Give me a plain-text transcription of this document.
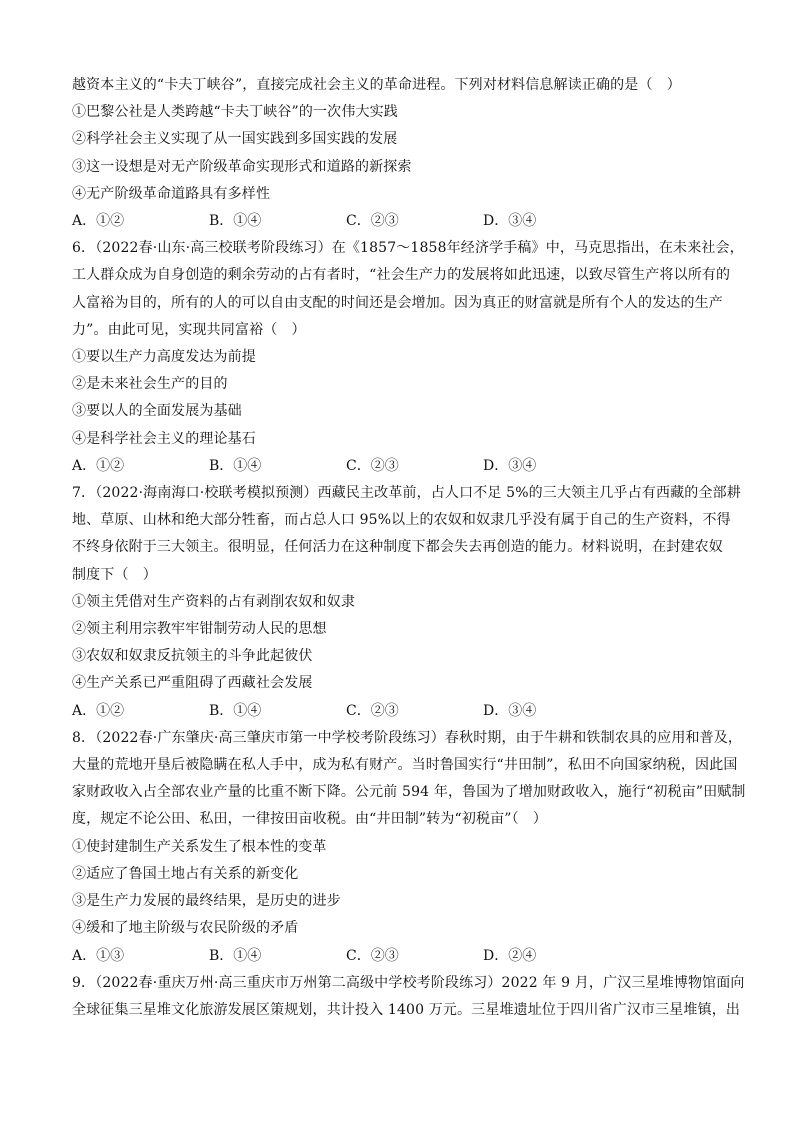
越资本主义的“卡夫丁峡谷”，直接完成社会主义的革命进程。下列对材料信息解读正确的是（　）
①巴黎公社是人类跨越“卡夫丁峡谷”的一次伟大实践
②科学社会主义实现了从一国实践到多国实践的发展
③这一设想是对无产阶级革命实现形式和道路的新探索
④无产阶级革命道路具有多样性
A．①②	B．①④	C．②③	D．③④
6．（2022春·山东·高三校联考阶段练习）在《1857～1858年经济学手稿》中，马克思指出，在未来社会，
工人群众成为自身创造的剩余劳动的占有者时，“社会生产力的发展将如此迅速，以致尽管生产将以所有的
人富裕为目的，所有的人的可以自由支配的时间还是会增加。因为真正的财富就是所有个人的发达的生产
力”。由此可见，实现共同富裕（　）
①要以生产力高度发达为前提
②是未来社会生产的目的
③要以人的全面发展为基础
④是科学社会主义的理论基石
A．①②	B．①④	C．②③	D．③④
7．（2022·海南海口·校联考模拟预测）西藏民主改革前，占人口不足 5%的三大领主几乎占有西藏的全部耕
地、草原、山林和绝大部分牲畜，而占总人口 95%以上的农奴和奴隶几乎没有属于自己的生产资料，不得
不终身依附于三大领主。很明显，任何活力在这种制度下都会失去再创造的能力。材料说明，在封建农奴
制度下（　）
①领主凭借对生产资料的占有剥削农奴和奴隶
②领主利用宗教牢牢钳制劳动人民的思想
③农奴和奴隶反抗领主的斗争此起彼伏
④生产关系已严重阻碍了西藏社会发展
A．①②	B．①④	C．②③	D．③④
8．（2022春·广东肇庆·高三肇庆市第一中学校考阶段练习）春秋时期，由于牛耕和铁制农具的应用和普及，
大量的荒地开垦后被隐瞒在私人手中，成为私有财产。当时鲁国实行“井田制”，私田不向国家纳税，因此国
家财政收入占全部农业产量的比重不断下降。公元前 594 年，鲁国为了增加财政收入，施行“初税亩”田赋制
度，规定不论公田、私田，一律按田亩收税。由“井田制”转为“初税亩”（　）
①使封建制生产关系发生了根本性的变革
②适应了鲁国土地占有关系的新变化
③是生产力发展的最终结果，是历史的进步
④缓和了地主阶级与农民阶级的矛盾
A．①③	B．①④	C．②③	D．②④
9．（2022春·重庆万州·高三重庆市万州第二高级中学校考阶段练习）2022 年 9 月，广汉三星堆博物馆面向
全球征集三星堆文化旅游发展区策规划，共计投入 1400 万元。三星堆遗址位于四川省广汉市三星堆镇，出
